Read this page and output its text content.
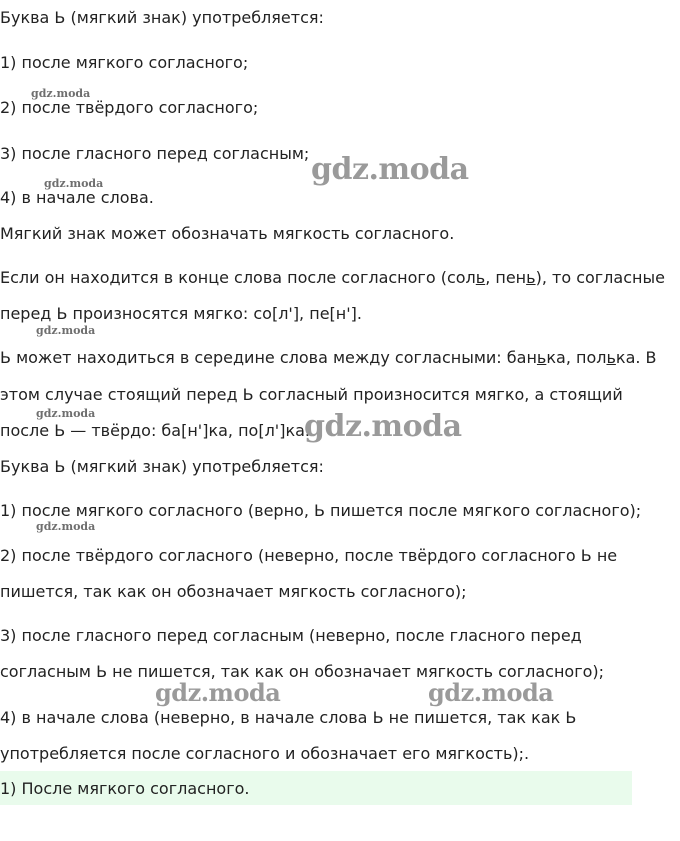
Буква Ь (мягкий знак) употребляется:
1) после мягкого согласного;
2) после твёрдого согласного;
3) после гласного перед согласным;
4) в начале слова.
Мягкий знак может обозначать мягкость согласного.
Если он находится в конце слова после согласного (соль, пень), то согласные
перед Ь произносятся мягко: со[л'], пе[н'].
Ь может находиться в середине слова между согласными: банька, полька. В
этом случае стоящий перед Ь согласный произносится мягко, а стоящий
после Ь — твёрдо: ба[н']ка, по[л']ка.
Буква Ь (мягкий знак) употребляется:
1) после мягкого согласного (верно, Ь пишется после мягкого согласного);
2) после твёрдого согласного (неверно, после твёрдого согласного Ь не
пишется, так как он обозначает мягкость согласного);
3) после гласного перед согласным (неверно, после гласного перед
согласным Ь не пишется, так как он обозначает мягкость согласного);
4) в начале слова (неверно, в начале слова Ь не пишется, так как Ь
употребляется после согласного и обозначает его мягкость);.
1) После мягкого согласного.
gdz.moda
gdz.moda
gdz.moda
gdz.moda
gdz.moda
gdz.moda
gdz.moda
gdz.moda	gdz.moda
